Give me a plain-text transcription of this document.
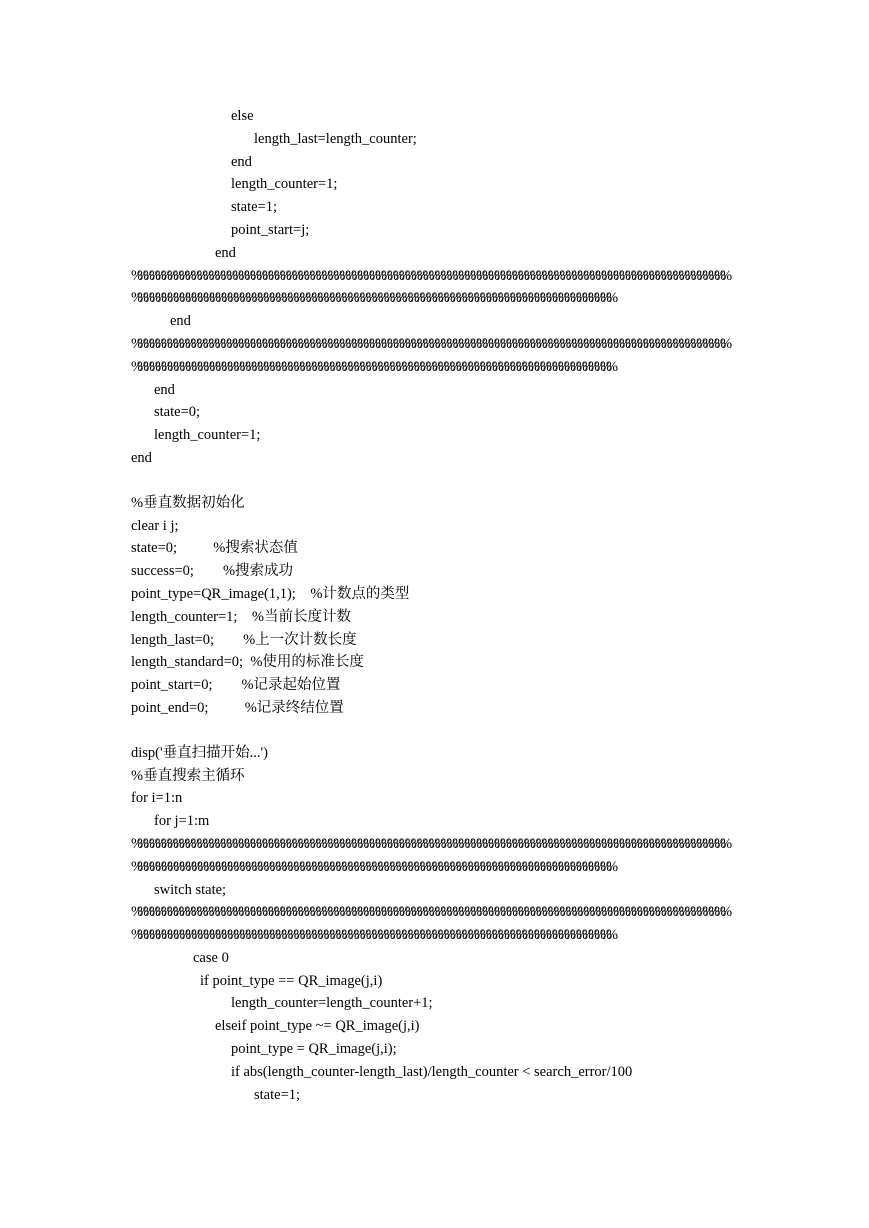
else
length_last=length_counter;
end
length_counter=1;
state=1;
point_start=j;
end
%%%%%%%%%%%%%%%%%%%%%%%%%%%%%%%%%%%%%%%%%%%%%%%%%%%%%%%%%%%%%%%%%%%%%%%%%%%%%%%%%%%%%%%%%%%%%%%%%%%%
%%%%%%%%%%%%%%%%%%%%%%%%%%%%%%%%%%%%%%%%%%%%%%%%%%%%%%%%%%%%%%%%%%%%%%%%%%%%%%%%
end
%%%%%%%%%%%%%%%%%%%%%%%%%%%%%%%%%%%%%%%%%%%%%%%%%%%%%%%%%%%%%%%%%%%%%%%%%%%%%%%%%%%%%%%%%%%%%%%%%%%%
%%%%%%%%%%%%%%%%%%%%%%%%%%%%%%%%%%%%%%%%%%%%%%%%%%%%%%%%%%%%%%%%%%%%%%%%%%%%%%%%
end
state=0;
length_counter=1;
end
%垂直数据初始化
clear i j;
state=0;          %搜索状态值
success=0;        %搜索成功
point_type=QR_image(1,1);    %计数点的类型
length_counter=1;    %当前长度计数
length_last=0;        %上一次计数长度
length_standard=0;  %使用的标准长度
point_start=0;        %记录起始位置
point_end=0;          %记录终结位置
disp('垂直扫描开始...')
%垂直搜索主循环
for i=1:n
for j=1:m
%%%%%%%%%%%%%%%%%%%%%%%%%%%%%%%%%%%%%%%%%%%%%%%%%%%%%%%%%%%%%%%%%%%%%%%%%%%%%%%%%%%%%%%%%%%%%%%%%%%%
%%%%%%%%%%%%%%%%%%%%%%%%%%%%%%%%%%%%%%%%%%%%%%%%%%%%%%%%%%%%%%%%%%%%%%%%%%%%%%%%
switch state;
%%%%%%%%%%%%%%%%%%%%%%%%%%%%%%%%%%%%%%%%%%%%%%%%%%%%%%%%%%%%%%%%%%%%%%%%%%%%%%%%%%%%%%%%%%%%%%%%%%%%
%%%%%%%%%%%%%%%%%%%%%%%%%%%%%%%%%%%%%%%%%%%%%%%%%%%%%%%%%%%%%%%%%%%%%%%%%%%%%%%%
case 0
if point_type == QR_image(j,i)
length_counter=length_counter+1;
elseif point_type ~= QR_image(j,i)
point_type = QR_image(j,i);
if abs(length_counter-length_last)/length_counter < search_error/100
state=1;
